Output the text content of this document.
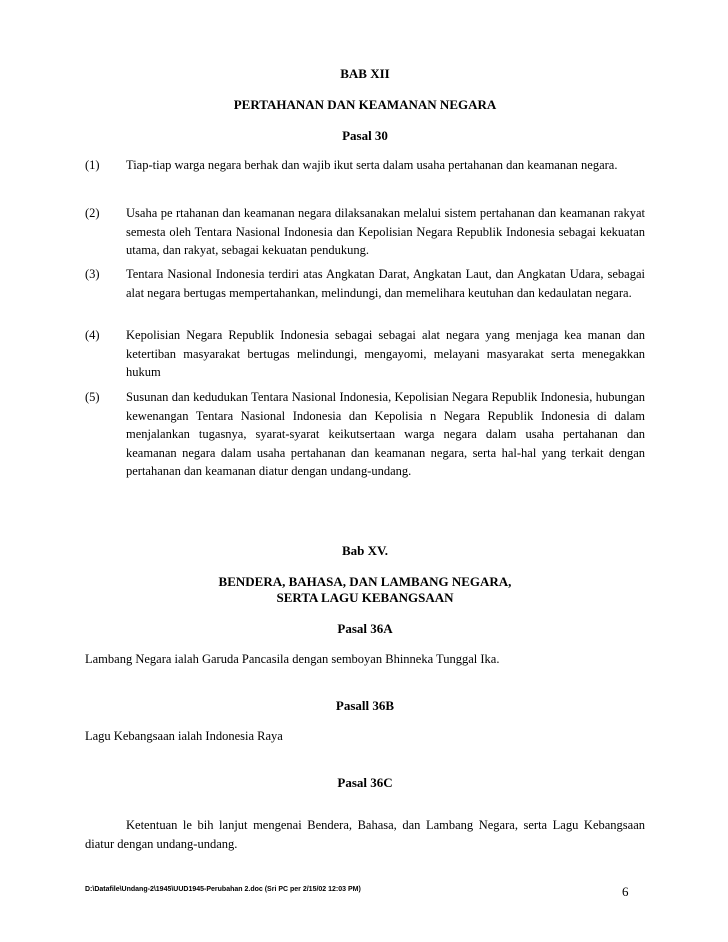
BAB XII
PERTAHANAN DAN KEAMANAN NEGARA
Pasal 30
(1)	Tiap-tiap warga negara berhak dan wajib ikut serta dalam usaha pertahanan dan keamanan negara.
(2)	Usaha pe rtahanan dan keamanan negara dilaksanakan melalui sistem pertahanan dan keamanan rakyat semesta oleh Tentara Nasional Indonesia dan Kepolisian Negara Republik Indonesia sebagai kekuatan utama, dan rakyat, sebagai kekuatan pendukung.
(3)	Tentara Nasional Indonesia terdiri atas Angkatan Darat, Angkatan Laut, dan Angkatan Udara, sebagai alat negara bertugas mempertahankan, melindungi, dan memelihara keutuhan dan kedaulatan negara.
(4)	Kepolisian Negara Republik Indonesia sebagai sebagai alat negara yang menjaga kea manan dan ketertiban masyarakat bertugas melindungi, mengayomi, melayani masyarakat serta menegakkan hukum
(5)	Susunan dan kedudukan Tentara Nasional Indonesia, Kepolisian Negara Republik Indonesia, hubungan kewenangan Tentara Nasional Indonesia dan Kepolisia n Negara Republik Indonesia di dalam menjalankan tugasnya, syarat-syarat keikutsertaan warga negara dalam usaha pertahanan dan keamanan negara dalam usaha pertahanan dan keamanan negara, serta hal-hal yang terkait dengan pertahanan dan keamanan diatur dengan undang-undang.
Bab XV.
BENDERA, BAHASA, DAN LAMBANG NEGARA,
SERTA LAGU KEBANGSAAN
Pasal 36A
Lambang Negara ialah Garuda Pancasila dengan semboyan Bhinneka Tunggal Ika.
Pasall 36B
Lagu Kebangsaan ialah Indonesia Raya
Pasal 36C
Ketentuan le bih lanjut mengenai Bendera, Bahasa, dan Lambang Negara, serta Lagu Kebangsaan diatur dengan undang-undang.
D:\Datafile\Undang-2\1945\UUD1945-Perubahan 2.doc (Sri PC per 2/15/02 12:03 PM)	6
